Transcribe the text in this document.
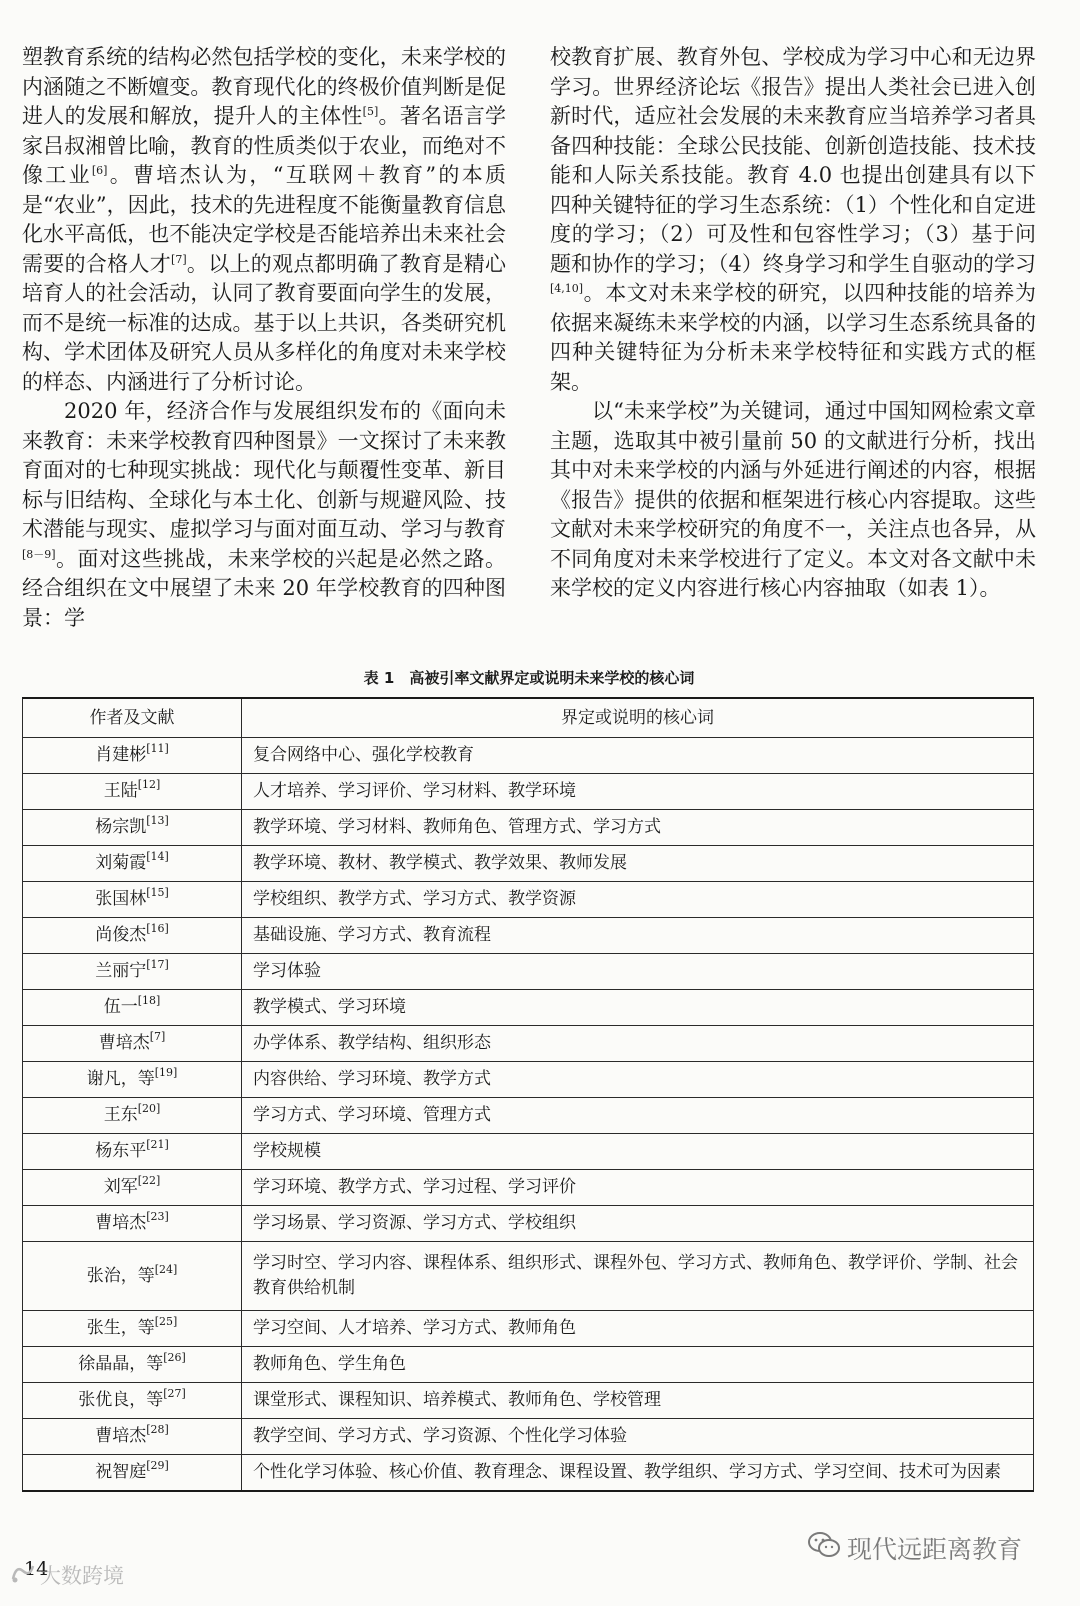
塑教育系统的结构必然包括学校的变化，未来学校的内涵随之不断嬗变。教育现代化的终极价值判断是促进人的发展和解放，提升人的主体性[5]。著名语言学家吕叔湘曾比喻，教育的性质类似于农业，而绝对不像工业[6]。曹培杰认为，“互联网＋教育”的本质是“农业”，因此，技术的先进程度不能衡量教育信息化水平高低，也不能决定学校是否能培养出未来社会需要的合格人才[7]。以上的观点都明确了教育是精心培育人的社会活动，认同了教育要面向学生的发展，而不是统一标准的达成。基于以上共识，各类研究机构、学术团体及研究人员从多样化的角度对未来学校的样态、内涵进行了分析讨论。

2020 年，经济合作与发展组织发布的《面向未来教育：未来学校教育四种图景》一文探讨了未来教育面对的七种现实挑战：现代化与颠覆性变革、新目标与旧结构、全球化与本土化、创新与规避风险、技术潜能与现实、虚拟学习与面对面互动、学习与教育[8－9]。面对这些挑战，未来学校的兴起是必然之路。经合组织在文中展望了未来 20 年学校教育的四种图景：学

校教育扩展、教育外包、学校成为学习中心和无边界学习。世界经济论坛《报告》提出人类社会已进入创新时代，适应社会发展的未来教育应当培养学习者具备四种技能：全球公民技能、创新创造技能、技术技能和人际关系技能。教育 4.0 也提出创建具有以下四种关键特征的学习生态系统：（1）个性化和自定进度的学习；（2）可及性和包容性学习；（3）基于问题和协作的学习；（4）终身学习和学生自驱动的学习[4,10]。本文对未来学校的研究，以四种技能的培养为依据来凝练未来学校的内涵，以学习生态系统具备的四种关键特征为分析未来学校特征和实践方式的框架。

以“未来学校”为关键词，通过中国知网检索文章主题，选取其中被引量前 50 的文献进行分析，找出其中对未来学校的内涵与外延进行阐述的内容，根据《报告》提供的依据和框架进行核心内容提取。这些文献对未来学校研究的角度不一，关注点也各异，从不同角度对未来学校进行了定义。本文对各文献中未来学校的定义内容进行核心内容抽取（如表 1）。

表 1　高被引率文献界定或说明未来学校的核心词
作者及文献	界定或说明的核心词
肖建彬[11]	复合网络中心、强化学校教育
王陆[12]	人才培养、学习评价、学习材料、教学环境
杨宗凯[13]	教学环境、学习材料、教师角色、管理方式、学习方式
刘菊霞[14]	教学环境、教材、教学模式、教学效果、教师发展
张国林[15]	学校组织、教学方式、学习方式、教学资源
尚俊杰[16]	基础设施、学习方式、教育流程
兰丽宁[17]	学习体验
伍一[18]	教学模式、学习环境
曹培杰[7]	办学体系、教学结构、组织形态
谢凡，等[19]	内容供给、学习环境、教学方式
王东[20]	学习方式、学习环境、管理方式
杨东平[21]	学校规模
刘军[22]	学习环境、教学方式、学习过程、学习评价
曹培杰[23]	学习场景、学习资源、学习方式、学校组织
张治，等[24]	学习时空、学习内容、课程体系、组织形式、课程外包、学习方式、教师角色、教学评价、学制、社会教育供给机制
张生，等[25]	学习空间、人才培养、学习方式、教师角色
徐晶晶，等[26]	教师角色、学生角色
张优良，等[27]	课堂形式、课程知识、培养模式、教师角色、学校管理
曹培杰[28]	教学空间、学习方式、学习资源、个性化学习体验
祝智庭[29]	个性化学习体验、核心价值、教育理念、课程设置、教学组织、学习方式、学习空间、技术可为因素
14
大数跨境
现代远距离教育
